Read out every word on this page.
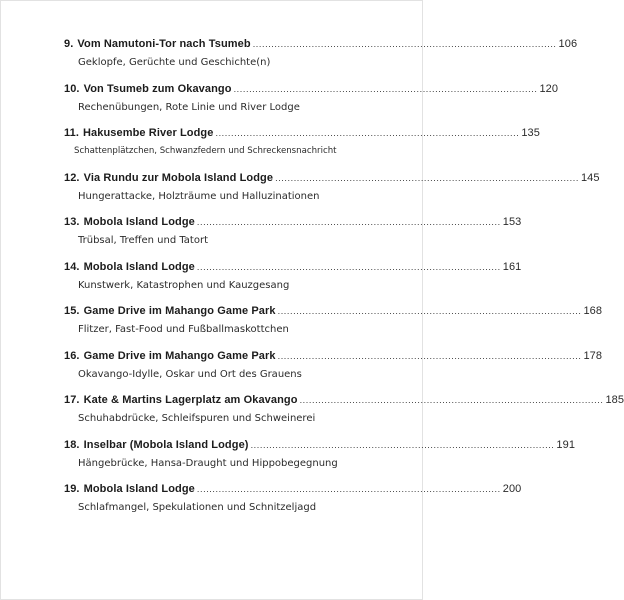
9. Vom Namutoni-Tor nach Tsumeb .................................................................................................. 106
Geklopfe, Gerüchte und Geschichte(n)
10. Von Tsumeb zum Okavango .................................................................................................. 120
Rechenübungen, Rote Linie und River Lodge
11. Hakusembe River Lodge .................................................................................................. 135
Schattenplätzchen, Schwanzfedern und Schreckensnachricht
12. Via Rundu zur Mobola Island Lodge .................................................................................................. 145
Hungerattacke, Holzträume und Halluzinationen
13. Mobola Island Lodge .................................................................................................. 153
Trübsal, Treffen und Tatort
14. Mobola Island Lodge .................................................................................................. 161
Kunstwerk, Katastrophen und Kauzgesang
15. Game Drive im Mahango Game Park .................................................................................................. 168
Flitzer, Fast-Food und Fußballmaskottchen
16. Game Drive im Mahango Game Park .................................................................................................. 178
Okavango-Idylle, Oskar und Ort des Grauens
17. Kate & Martins Lagerplatz am Okavango .................................................................................................. 185
Schuhabdrücke, Schleifspuren und Schweinerei
18. Inselbar (Mobola Island Lodge) .................................................................................................. 191
Hängebrücke, Hansa-Draught und Hippobegegnung
19. Mobola Island Lodge .................................................................................................. 200
Schlafmangel, Spekulationen und Schnitzeljagd
